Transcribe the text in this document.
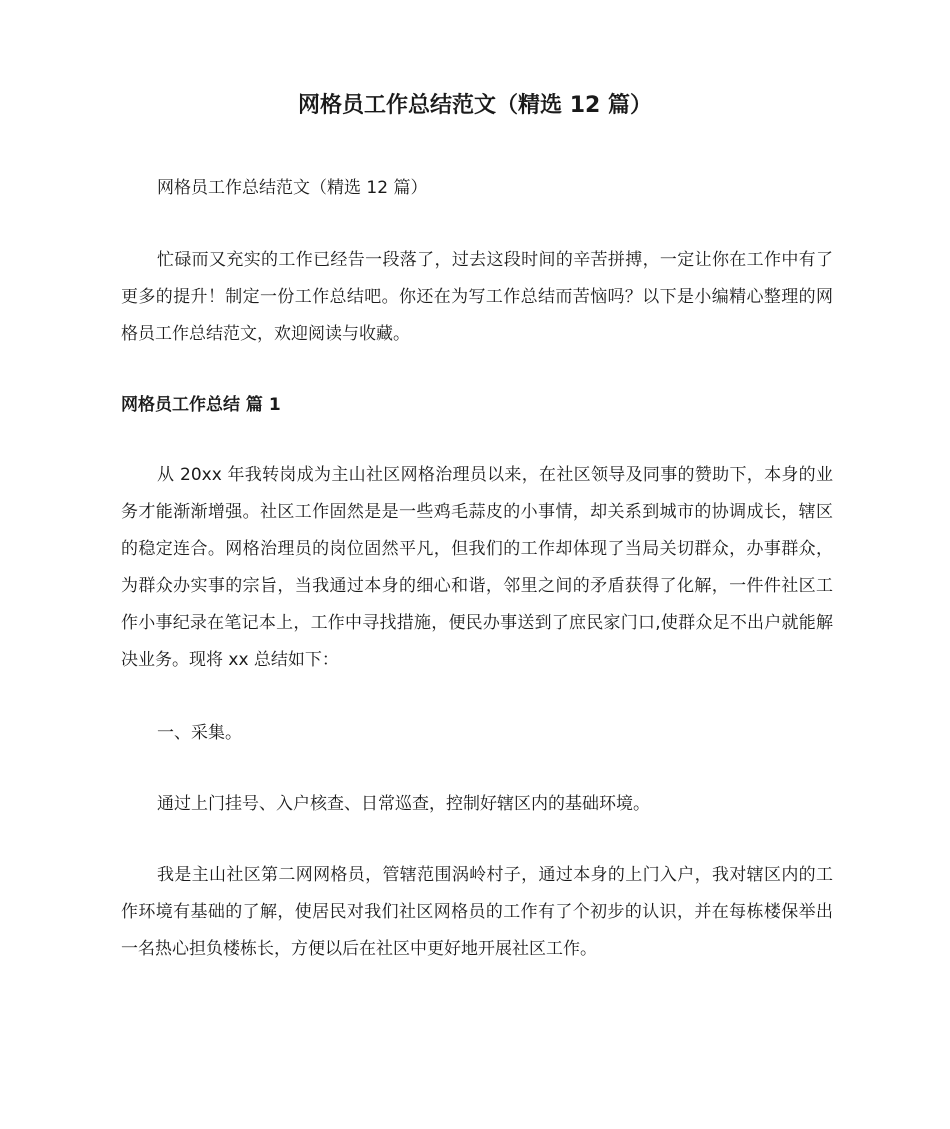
网格员工作总结范文（精选 12 篇）

网格员工作总结范文（精选 12 篇）

忙碌而又充实的工作已经告一段落了，过去这段时间的辛苦拼搏，一定让你在工作中有了更多的提升！制定一份工作总结吧。你还在为写工作总结而苦恼吗？以下是小编精心整理的网格员工作总结范文，欢迎阅读与收藏。

网格员工作总结 篇 1

从 20xx 年我转岗成为主山社区网格治理员以来，在社区领导及同事的赞助下，本身的业务才能渐渐增强。社区工作固然是是一些鸡毛蒜皮的小事情，却关系到城市的协调成长，辖区的稳定连合。网格治理员的岗位固然平凡，但我们的工作却体现了当局关切群众，办事群众，为群众办实事的宗旨，当我通过本身的细心和谐，邻里之间的矛盾获得了化解，一件件社区工作小事纪录在笔记本上，工作中寻找措施，便民办事送到了庶民家门口,使群众足不出户就能解决业务。现将 xx 总结如下：

一、采集。

通过上门挂号、入户核查、日常巡查，控制好辖区内的基础环境。

我是主山社区第二网网格员，管辖范围涡岭村子，通过本身的上门入户，我对辖区内的工作环境有基础的了解，使居民对我们社区网格员的工作有了个初步的认识，并在每栋楼保举出一名热心担负楼栋长，方便以后在社区中更好地开展社区工作。
